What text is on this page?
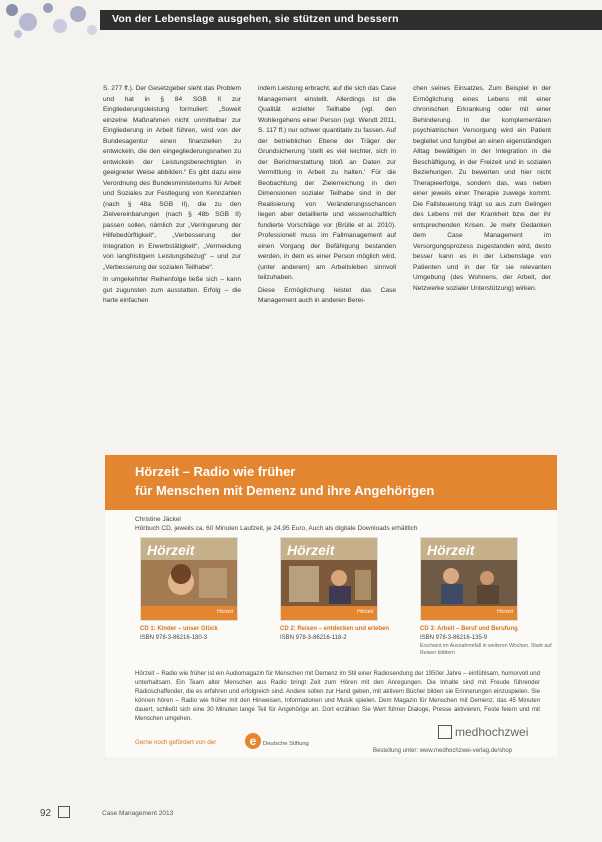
Von der Lebenslage ausgehen, sie stützen und bessern

S. 277 ff.). Der Gesetzgeber sieht das Problem und hat in § 84 SGB II zur Eingliederungsleistung formuliert: „Soweit einzelne Maßnahmen nicht unmittelbar zur Eingliederung in Arbeit führen, wird von der Bundesagentur einen finanziellen zu entwickeln, die den eingegliederungsnahen zu entwickeln der Leistungsberechtigten in geeigneter Weise abbilden.“ Es gibt dazu eine Verordnung des Bundesministeriums für Arbeit und Soziales zur Festlegung von Kennzahlen (nach § 48a SGB II), die zu den Zielvereinbarungen (nach § 48b SGB II) passen sollen, nämlich zur „Verringerung der Hilfebedürftigkeit“, „Verbesserung der Integration in Erwerbstätigkeit“, „Vermeidung von langfristigem Leistungsbezug“ – und zur „Verbesserung der sozialen Teilhabe“.

In umgekehrter Reihenfolge ließe sich – kann gut zugunsten zum ausstatten. Erfolg – die harte einfachen

indem Leistung erbracht, auf die sich das Case Management einstellt. Allerdings ist die Qualität erzielter Teilhabe (vgl. den Wohlergehens einer Person (vgl. Wendt 2011, S. 117 ff.) nur schwer quantitativ zu fassen. Auf der betrieblichen Ebene der Träger der Grundsicherung 'stellt es viel leichter, sich in der Berichterstattung bloß an Daten zur Vermittlung in Arbeit zu halten.' Für die Beobachtung der Zielerreichung in den Dimensionen sozialer Teilhabe sind in der Realisierung von Veränderungsschancen liegen aber detaillierte und wissenschaftlich fundierte Vorschläge vor (Brülle et al. 2010). Professionell muss im Fallmanagement auf einen Vorgang der Befähigung bestanden werden, in dem es einer Person möglich wird, (unter anderem) am Arbeitsleben sinnvoll teilzuhaben.

Diese Ermöglichung leistet das Case Management auch in anderen Berei-

chen seines Einsatzes. Zum Beispiel in der Ermöglichung eines Lebens mit einer chronischen Erkrankung oder mit einer Behinderung. In der komplementären psychiatrischen Versorgung wird ein Patient begleitet und fungibel an einen eigenständigen Alltag bewältigen in der Integration in die Beschäftigung, in der Freizeit und in sozialen Beziehungen. Zu bewerten und hier nicht Therapieerfolge, sondern das, was neben einer jeweils einer Therapie zuwege kommt. Die Fallsteuerung trägt so aus zum Gelingen des Lebens mit der Krankheit bzw. der ihr entsprechenden Krisen. Je mehr Gedanken dem Case Management im Versorgungsprozess zugestanden wird, desto besser kann es in der Lebenslage von Patienten und in der für sie relevanten Umgebung (des Wohnens, der Arbeit, der Netzwerke sozialer Unterstützung) wirken.

Hörzeit – Radio wie früher
für Menschen mit Demenz und ihre Angehörigen
Christine Jäckel
Hörbuch CD, jeweils ca. 60 Minuten Laufzeit, je 24,95 Euro, Auch als digitale Downloads erhältlich
Hörzeit
Hörzeit
Hörzeit
Hörzeit
Hörzeit
Hörzeit
CD 1: Kinder – unser Glück
ISBN 978-3-86216-180-3
CD 2: Reisen – entdecken und erleben
ISBN 978-3-86216-118-2
CD 3: Arbeit – Beruf und Berufung
ISBN 978-3-86216-135-9
Erscheint im Ausnahmefall in weiteren Wochen. Stark auf Reisen blättern
Hörzeit – Radio wie früher ist ein Audiomagazin für Menschen mit Demenz im Stil einer Radiosendung der 1950er Jahre – einfühlsam, humorvoll und unterhaltsam. Ein Team alter Menschen aus Radio bringt Zeit zum Hören mit den Anregungen. Die Inhalte sind mit Freude führender Radioschaffender, die es erfahren und erfolgreich sind. Andere sollen zur Hand geben, mit aktivem Bücher bilden sie Erinnerungen einzuspielen. Sie können hören – Radio wie früher mit den Hinweisen, Informationen und Musik spielen. Dem Magazin für Menschen mit Demenz, das 45 Minuten dauert, schließt sich eine 30 Minuten lange Teil für Angehörige an. Dort erzählen Sie Wert führen Dialoge, Presse aktivieren, Feste feiern und mit Menschen umgehen.
Gerne noch gefördert von der	e	Deutsche Stiftung
medhochzwei
Bestellung unter: www.medhochzwei-verlag.de/shop
92	Case Management 2013
